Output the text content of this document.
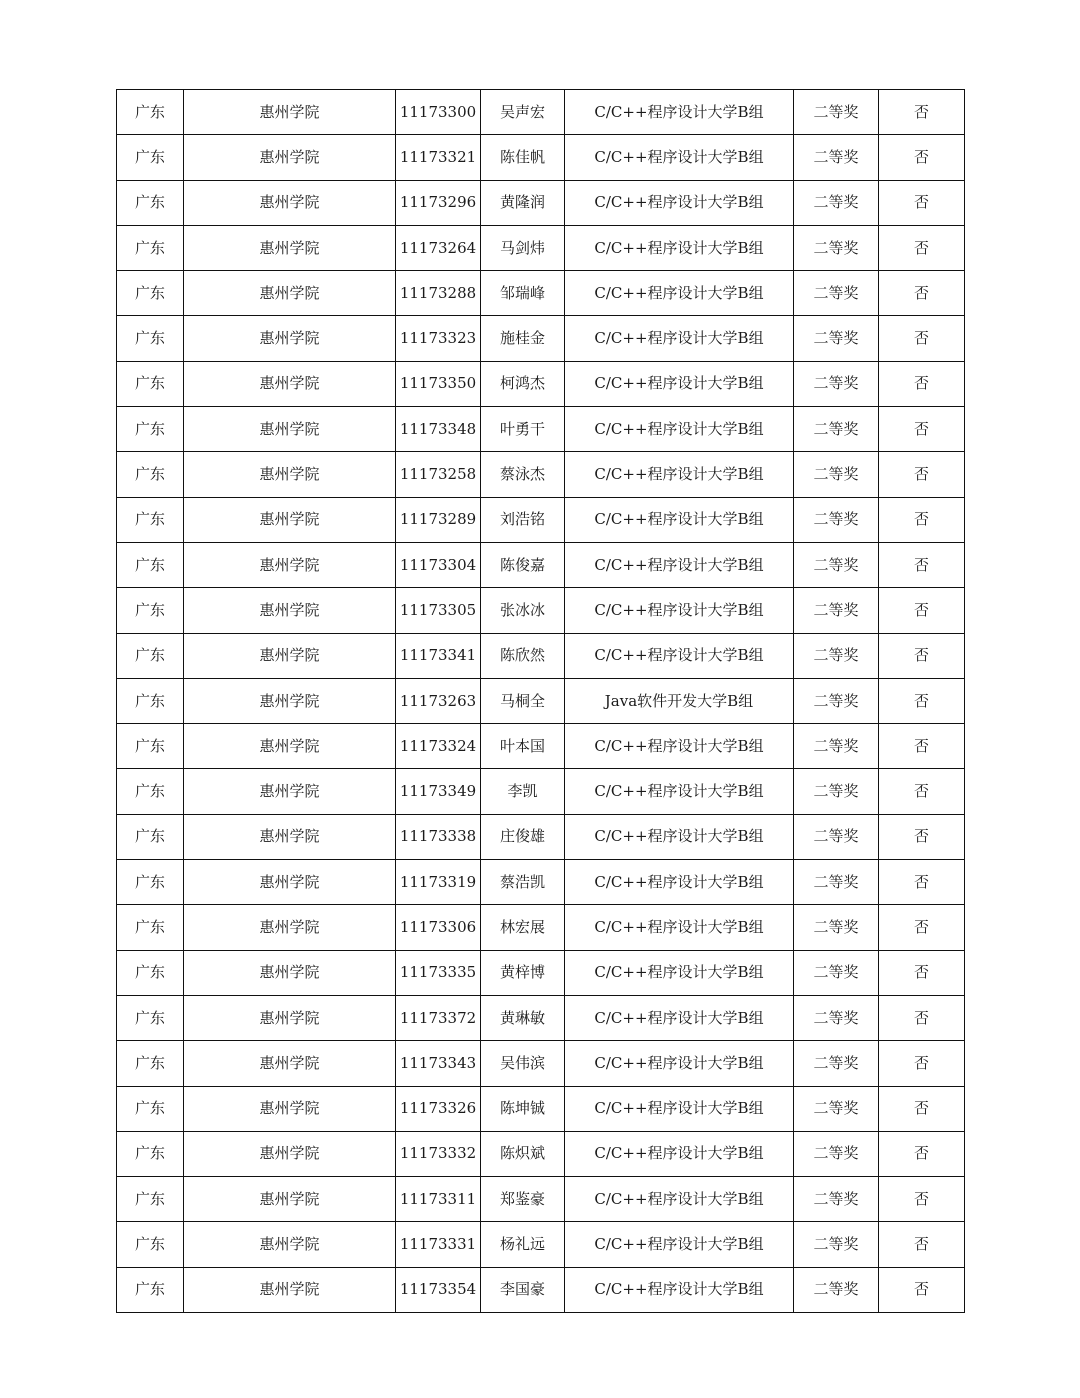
广东	惠州学院	11173300	吴声宏	C/C++程序设计大学B组	二等奖	否
广东	惠州学院	11173321	陈佳帆	C/C++程序设计大学B组	二等奖	否
广东	惠州学院	11173296	黄隆润	C/C++程序设计大学B组	二等奖	否
广东	惠州学院	11173264	马剑炜	C/C++程序设计大学B组	二等奖	否
广东	惠州学院	11173288	邹瑞峰	C/C++程序设计大学B组	二等奖	否
广东	惠州学院	11173323	施桂金	C/C++程序设计大学B组	二等奖	否
广东	惠州学院	11173350	柯鸿杰	C/C++程序设计大学B组	二等奖	否
广东	惠州学院	11173348	叶勇干	C/C++程序设计大学B组	二等奖	否
广东	惠州学院	11173258	蔡泳杰	C/C++程序设计大学B组	二等奖	否
广东	惠州学院	11173289	刘浩铭	C/C++程序设计大学B组	二等奖	否
广东	惠州学院	11173304	陈俊嘉	C/C++程序设计大学B组	二等奖	否
广东	惠州学院	11173305	张冰冰	C/C++程序设计大学B组	二等奖	否
广东	惠州学院	11173341	陈欣然	C/C++程序设计大学B组	二等奖	否
广东	惠州学院	11173263	马桐全	Java软件开发大学B组	二等奖	否
广东	惠州学院	11173324	叶本国	C/C++程序设计大学B组	二等奖	否
广东	惠州学院	11173349	李凯	C/C++程序设计大学B组	二等奖	否
广东	惠州学院	11173338	庄俊雄	C/C++程序设计大学B组	二等奖	否
广东	惠州学院	11173319	蔡浩凯	C/C++程序设计大学B组	二等奖	否
广东	惠州学院	11173306	林宏展	C/C++程序设计大学B组	二等奖	否
广东	惠州学院	11173335	黄梓博	C/C++程序设计大学B组	二等奖	否
广东	惠州学院	11173372	黄琳敏	C/C++程序设计大学B组	二等奖	否
广东	惠州学院	11173343	吴伟滨	C/C++程序设计大学B组	二等奖	否
广东	惠州学院	11173326	陈坤铖	C/C++程序设计大学B组	二等奖	否
广东	惠州学院	11173332	陈炽斌	C/C++程序设计大学B组	二等奖	否
广东	惠州学院	11173311	郑鉴豪	C/C++程序设计大学B组	二等奖	否
广东	惠州学院	11173331	杨礼远	C/C++程序设计大学B组	二等奖	否
广东	惠州学院	11173354	李国豪	C/C++程序设计大学B组	二等奖	否
